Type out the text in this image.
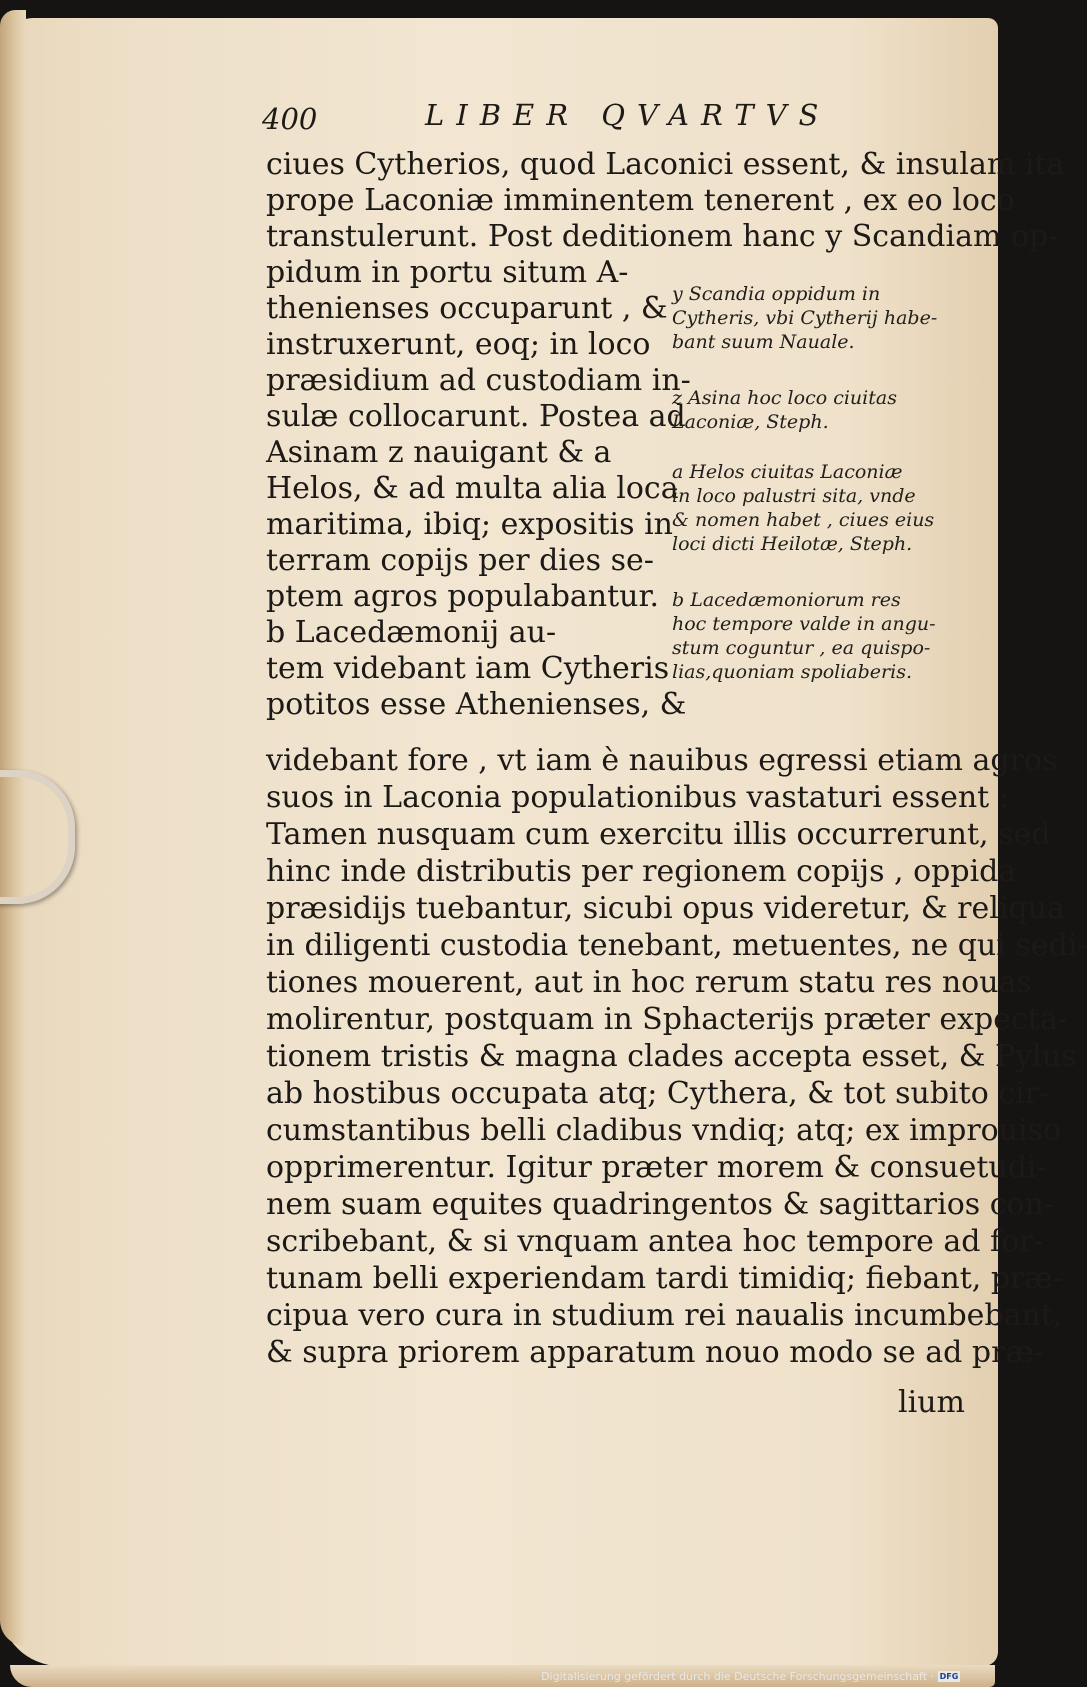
400	LIBER QVARTVS
ciues Cytherios, quod Laconici essent, & insulam ita
prope Laconiæ imminentem tenerent , ex eo loco
transtulerunt. Post deditionem hanc y Scandiam op-
pidum in portu situm A-
thenienses occuparunt , &
instruxerunt, eoq; in loco
præsidium ad custodiam in-
sulæ collocarunt. Postea ad
Asinam z nauigant & a
Helos, & ad multa alia loca
maritima, ibiq; expositis in
terram copijs per dies se-
ptem agros populabantur.
b Lacedæmonij au-
tem videbant iam Cytheris
potitos esse Athenienses, &
y Scandia oppidum in
Cytheris, vbi Cytherij habe-
bant suum Nauale.
z Asina hoc loco ciuitas
Laconiæ, Steph.
a Helos ciuitas Laconiæ
in loco palustri sita, vnde
& nomen habet , ciues eius
loci dicti Heilotæ, Steph.
b Lacedæmoniorum res
hoc tempore valde in angu-
stum coguntur , ea quispo-
lias,quoniam spoliaberis.
videbant fore , vt iam è nauibus egressi etiam agros
suos in Laconia populationibus vastaturi essent :
Tamen nusquam cum exercitu illis occurrerunt, sed
hinc inde distributis per regionem copijs , oppida
præsidijs tuebantur, sicubi opus videretur, & reliqua
in diligenti custodia tenebant, metuentes, ne qui sedi-
tiones mouerent, aut in hoc rerum statu res nouas
molirentur, postquam in Sphacterijs præter expecta-
tionem tristis & magna clades accepta esset, & Pylus
ab hostibus occupata atq; Cythera, & tot subito cir-
cumstantibus belli cladibus vndiq; atq; ex improuiso
opprimerentur. Igitur præter morem & consuetudi-
nem suam equites quadringentos & sagittarios con-
scribebant, & si vnquam antea hoc tempore ad for-
tunam belli experiendam tardi timidiq; fiebant, præ-
cipua vero cura in studium rei naualis incumbebant,
& supra priorem apparatum nouo modo se ad præ-
lium
Digitalisierung gefördert durch die Deutsche Forschungsgemeinschaft · DFG
